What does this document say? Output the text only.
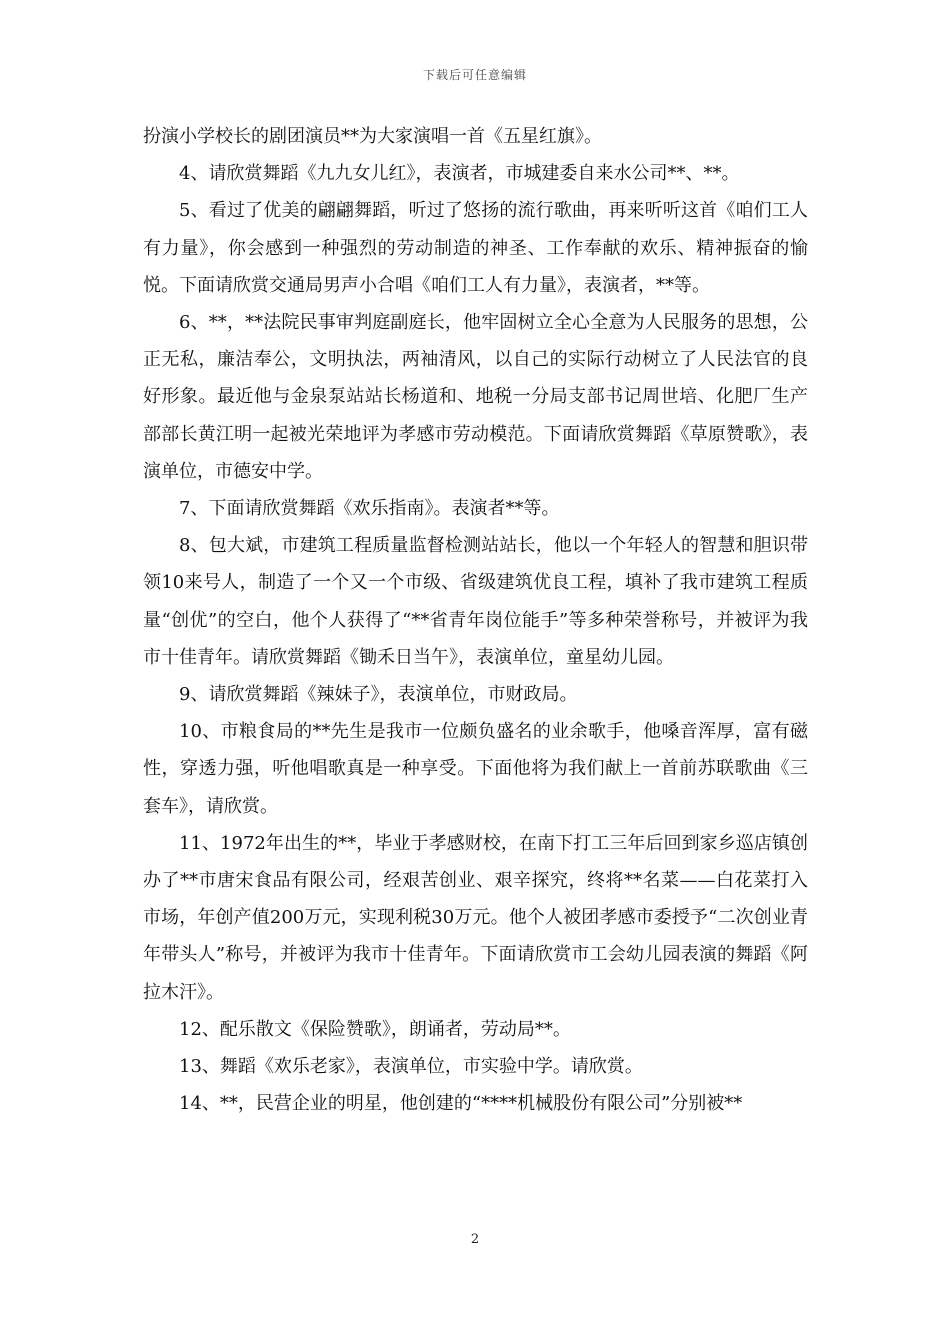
下载后可任意编辑

扮演小学校长的剧团演员**为大家演唱一首《五星红旗》。

4、请欣赏舞蹈《九九女儿红》，表演者，市城建委自来水公司**、**。

5、看过了优美的翩翩舞蹈，听过了悠扬的流行歌曲，再来听听这首《咱们工人有力量》，你会感到一种强烈的劳动制造的神圣、工作奉献的欢乐、精神振奋的愉悦。下面请欣赏交通局男声小合唱《咱们工人有力量》，表演者，**等。

6、**，**法院民事审判庭副庭长，他牢固树立全心全意为人民服务的思想，公正无私，廉洁奉公，文明执法，两袖清风，以自己的实际行动树立了人民法官的良好形象。最近他与金泉泵站站长杨道和、地税一分局支部书记周世培、化肥厂生产部部长黄江明一起被光荣地评为孝感市劳动模范。下面请欣赏舞蹈《草原赞歌》，表演单位，市德安中学。

7、下面请欣赏舞蹈《欢乐指南》。表演者**等。

8、包大斌，市建筑工程质量监督检测站站长，他以一个年轻人的智慧和胆识带领10来号人，制造了一个又一个市级、省级建筑优良工程，填补了我市建筑工程质量“创优”的空白，他个人获得了“**省青年岗位能手”等多种荣誉称号，并被评为我市十佳青年。请欣赏舞蹈《锄禾日当午》，表演单位，童星幼儿园。

9、请欣赏舞蹈《辣妹子》，表演单位，市财政局。

10、市粮食局的**先生是我市一位颇负盛名的业余歌手，他嗓音浑厚，富有磁性，穿透力强，听他唱歌真是一种享受。下面他将为我们献上一首前苏联歌曲《三套车》，请欣赏。

11、1972年出生的**，毕业于孝感财校，在南下打工三年后回到家乡巡店镇创办了**市唐宋食品有限公司，经艰苦创业、艰辛探究，终将**名菜——白花菜打入市场，年创产值200万元，实现利税30万元。他个人被团孝感市委授予“二次创业青年带头人”称号，并被评为我市十佳青年。下面请欣赏市工会幼儿园表演的舞蹈《阿拉木汗》。

12、配乐散文《保险赞歌》，朗诵者，劳动局**。

13、舞蹈《欢乐老家》，表演单位，市实验中学。请欣赏。

14、**，民营企业的明星，他创建的“****机械股份有限公司”分别被**

2
